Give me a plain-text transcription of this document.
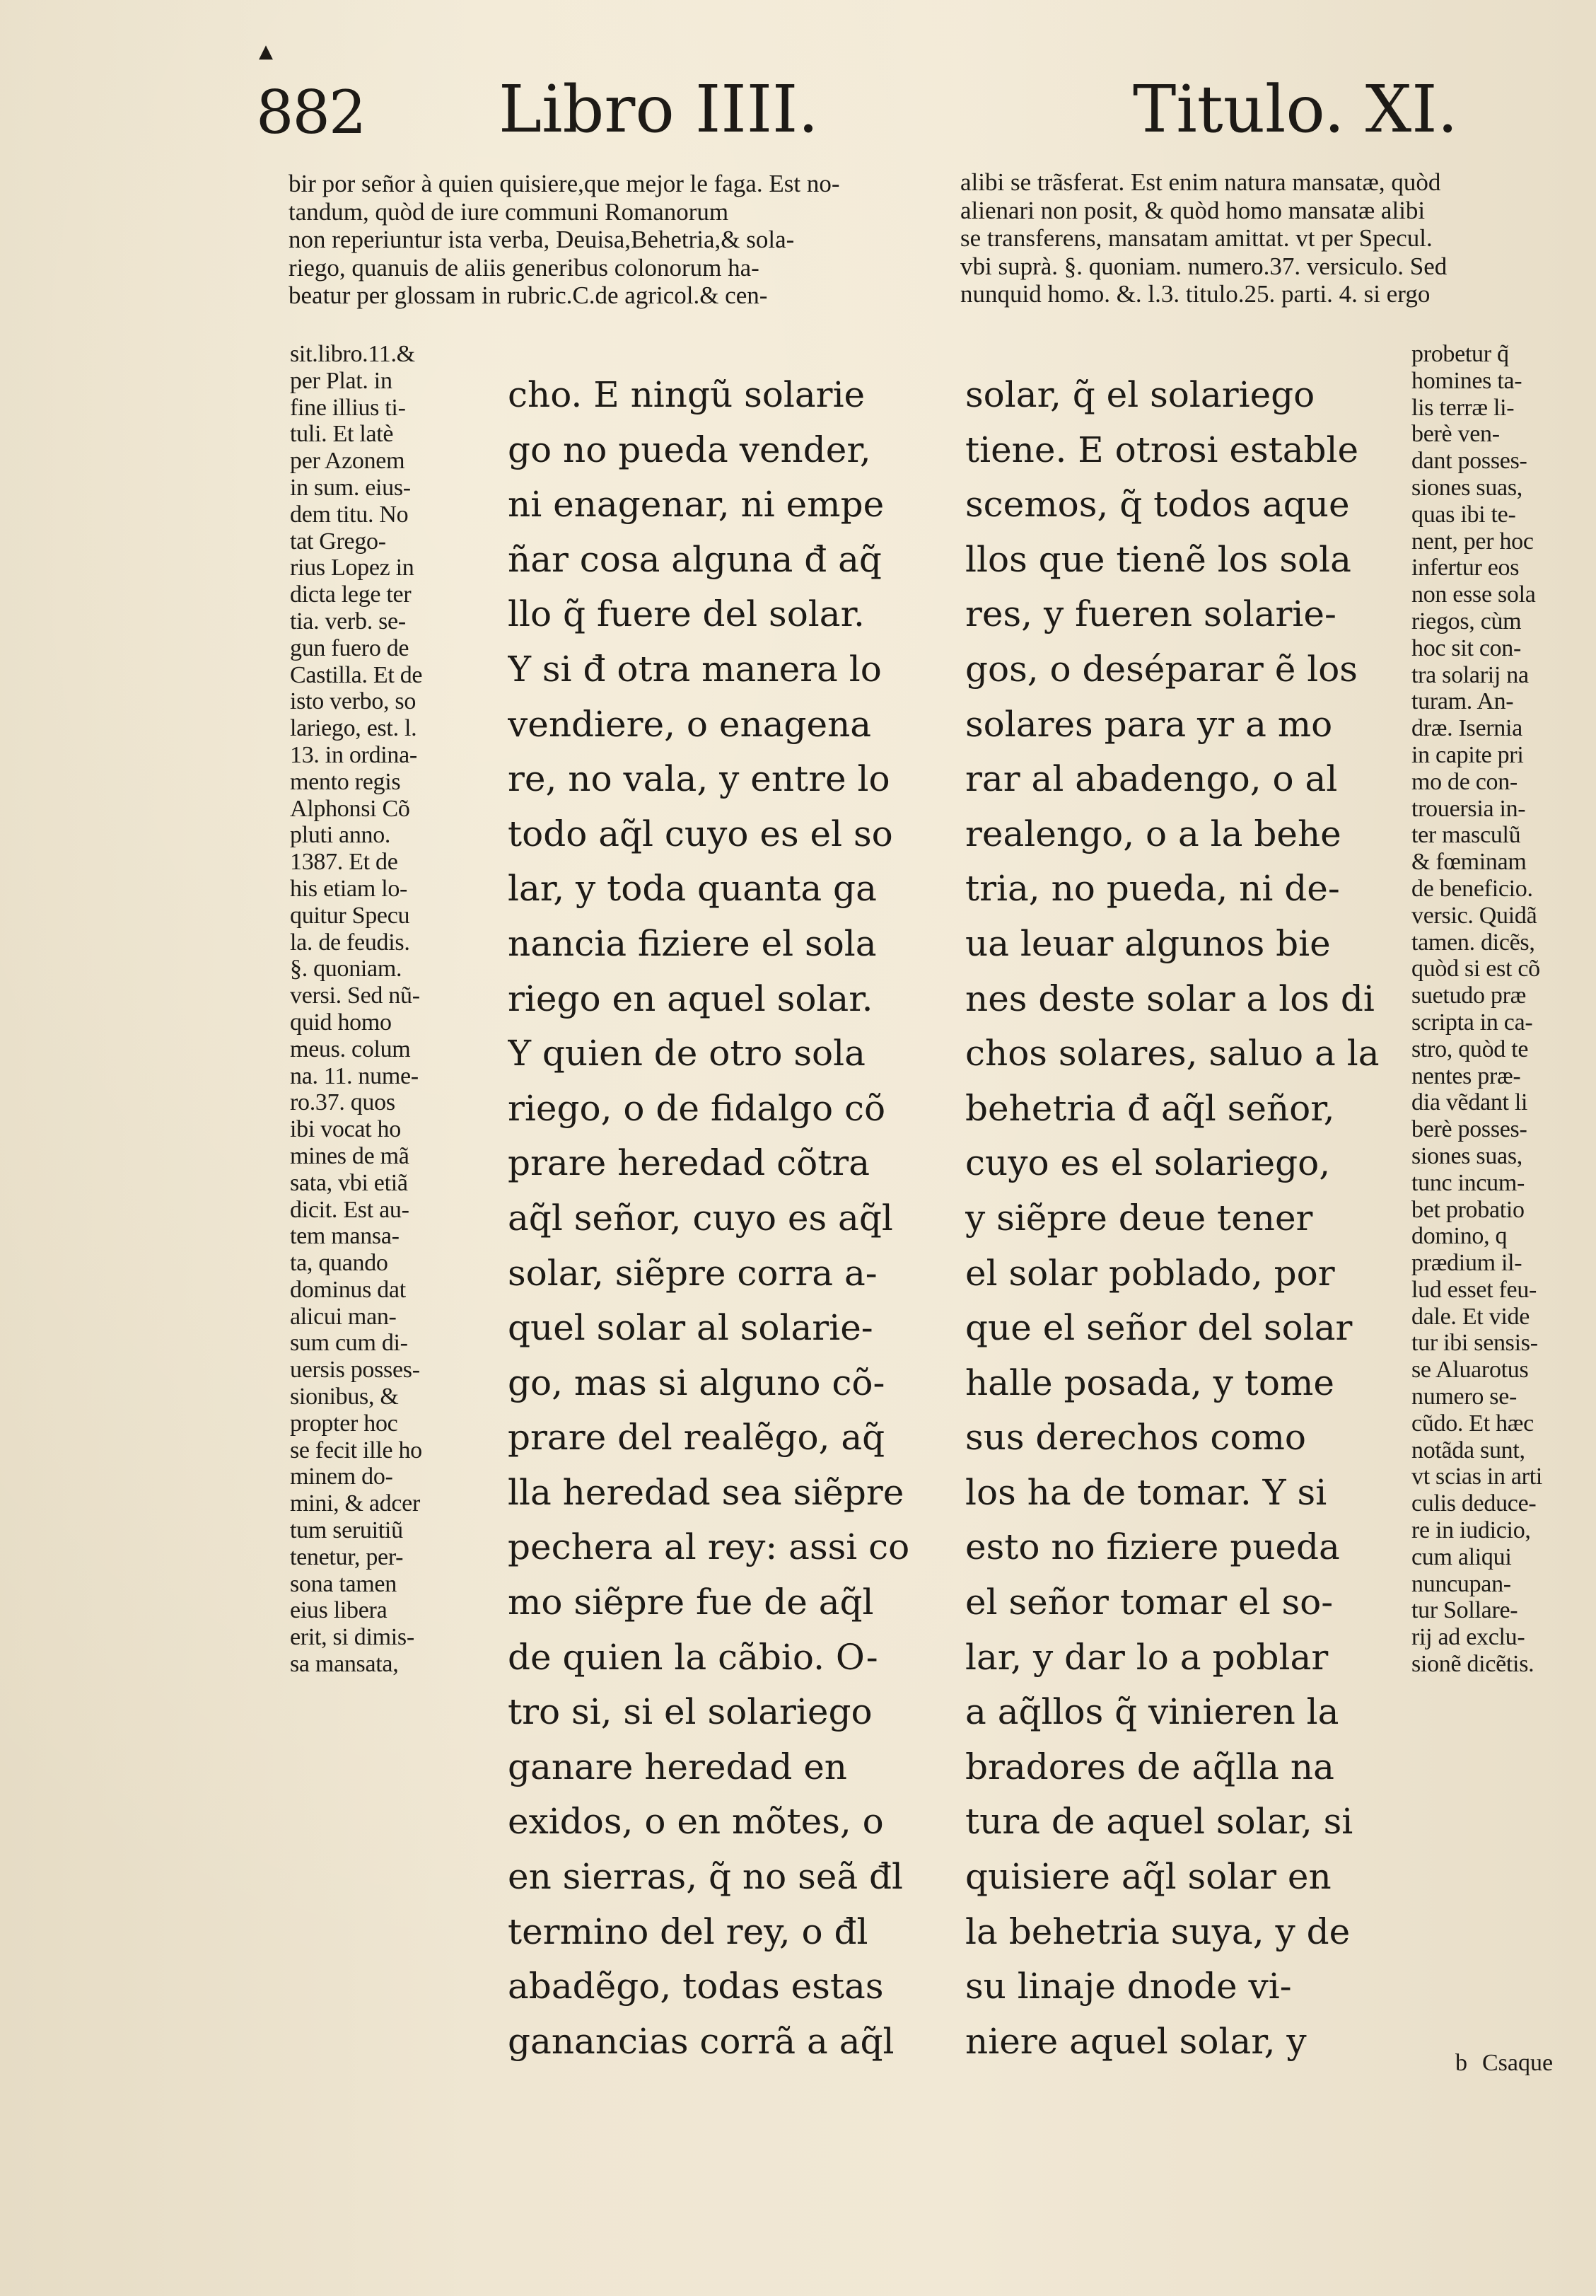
▲
882 Libro IIII.	Titulo. XI.
bir por señor à quien quisiere,que mejor le faga. Est no-
tandum, quòd de iure communi Romanorum
non reperiuntur ista verba, Deuisa,Behetria,& sola-
riego, quanuis de aliis generibus colonorum ha-
beatur per glossam in rubric.C.de agricol.& cen-
alibi se trãsferat. Est enim natura mansatæ, quòd
alienari non posit, & quòd homo mansatæ alibi
se transferens, mansatam amittat. vt per Specul.
vbi suprà. §. quoniam. numero.37. versiculo. Sed
nunquid homo. &. l.3. titulo.25. parti. 4. si ergo
sit.libro.11.&
per Plat. in
fine illius ti-
tuli. Et latè
per Azonem
in sum. eius-
dem titu. No
tat Grego-
rius Lopez in
dicta lege ter
tia. verb. se-
gun fuero de
Castilla. Et de
isto verbo, so
lariego, est. l.
13. in ordina-
mento regis
Alphonsi Cõ
pluti anno.
1387. Et de
his etiam lo-
quitur Specu
la. de feudis.
§. quoniam.
versi. Sed nũ-
quid homo
meus. colum
na. 11. nume-
ro.37. quos
ibi vocat ho
mines de mã
sata, vbi etiã
dicit. Est au-
tem mansa-
ta, quando
dominus dat
alicui man-
sum cum di-
uersis posses-
sionibus, &
propter hoc
se fecit ille ho
minem do-
mini, & adcer
tum seruitiũ
tenetur, per-
sona tamen
eius libera
erit, si dimis-
sa mansata,
cho. E ningũ solarie
go no pueda vender,
ni enagenar, ni empe
ñar cosa alguna đ aq̃
llo q̃ fuere del solar.
Y si đ otra manera lo
vendiere, o enagena
re, no vala, y entre lo
todo aq̃l cuyo es el so
lar, y toda quanta ga
nancia fiziere el sola
riego en aquel solar.
Y quien de otro sola
riego, o de fidalgo cõ
prare heredad cõtra
aq̃l señor, cuyo es aq̃l
solar, siẽpre corra a-
quel solar al solarie-
go, mas si alguno cõ-
prare del realẽgo, aq̃
lla heredad sea siẽpre
pechera al rey: assi co
mo siẽpre fue de aq̃l
de quien la cãbio. O-
tro si, si el solariego
ganare heredad en
exidos, o en mõtes, o
en sierras, q̃ no seã đl
termino del rey, o đl
abadẽgo, todas estas
ganancias corrã a aq̃l
solar, q̃ el solariego
tiene. E otrosi estable
scemos, q̃ todos aque
llos que tienẽ los sola
res, y fueren solarie-
gos, o deséparar ẽ los
solares para yr a mo
rar al abadengo, o al
realengo, o a la behe
tria, no pueda, ni de-
ua leuar algunos bie
nes deste solar a los di
chos solares, saluo a la
behetria đ aq̃l señor,
cuyo es el solariego,
y siẽpre deue tener
el solar poblado, por
que el señor del solar
halle posada, y tome
sus derechos como
los ha de tomar. Y si
esto no fiziere pueda
el señor tomar el so-
lar, y dar lo a poblar
a aq̃llos q̃ vinieren la
bradores de aq̃lla na
tura de aquel solar, si
quisiere aq̃l solar en
la behetria suya, y de
su linaje dnode vi-
niere aquel solar, y
probetur q̃
homines ta-
lis terræ li-
berè ven-
dant posses-
siones suas,
quas ibi te-
nent, per hoc
infertur eos
non esse sola
riegos, cùm
hoc sit con-
tra solarij na
turam. An-
dræ. Isernia
in capite pri
mo de con-
trouersia in-
ter masculũ
& fœminam
de beneficio.
versic. Quidã
tamen. dicẽs,
quòd si est cõ
suetudo præ
scripta in ca-
stro, quòd te
nentes præ-
dia vẽdant li
berè posses-
siones suas,
tunc incum-
bet probatio
domino, q
prædium il-
lud esset feu-
dale. Et vide
tur ibi sensis-
se Aluarotus
numero se-
cũdo. Et hæc
notãda sunt,
vt scias in arti
culis deduce-
re in iudicio,
cum aliqui
nuncupan-
tur Sollare-
rij ad exclu-
sionẽ dicẽtis.
b Csaque
